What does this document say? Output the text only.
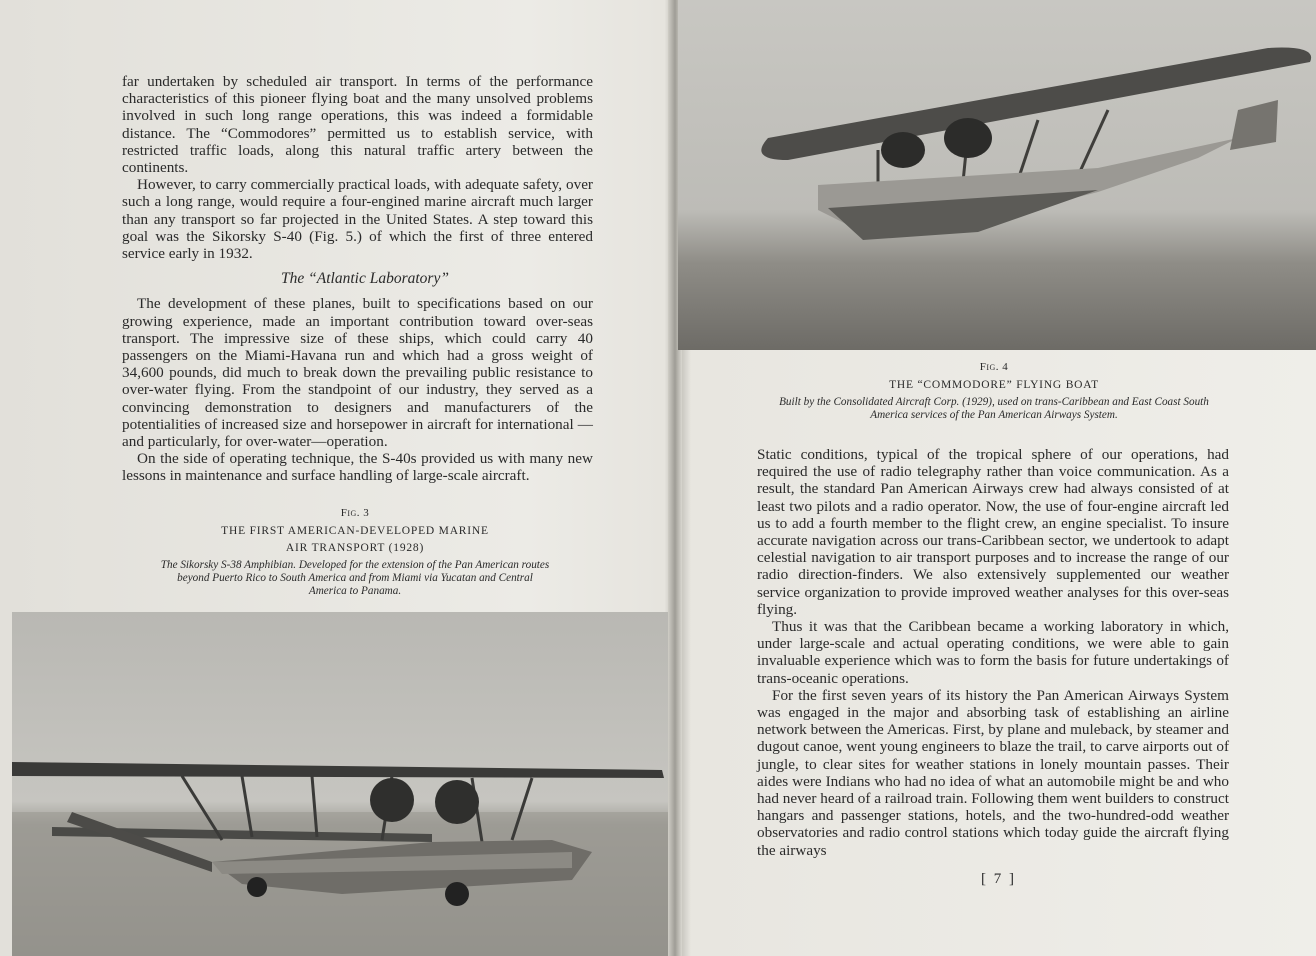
far undertaken by scheduled air transport. In terms of the performance characteristics of this pioneer flying boat and the many unsolved problems involved in such long range operations, this was indeed a formidable distance. The “Commodores” permitted us to establish service, with restricted traffic loads, along this natural traffic artery between the continents.

However, to carry commercially practical loads, with adequate safety, over such a long range, would require a four-engined marine aircraft much larger than any transport so far projected in the United States. A step toward this goal was the Sikorsky S-40 (Fig. 5.) of which the first of three entered service early in 1932.

The “Atlantic Laboratory”

The development of these planes, built to specifications based on our growing experience, made an important contribution toward over-seas transport. The impressive size of these ships, which could carry 40 passengers on the Miami-Havana run and which had a gross weight of 34,600 pounds, did much to break down the prevailing public resistance to over-water flying. From the standpoint of our industry, they served as a convincing demonstration to designers and manufacturers of the potentialities of increased size and horsepower in aircraft for international —and particularly, for over-water—operation.

On the side of operating technique, the S-40s provided us with many new lessons in maintenance and surface handling of large-scale aircraft.

Fig. 3
THE FIRST AMERICAN-DEVELOPED MARINE
AIR TRANSPORT (1928)
The Sikorsky S-38 Amphibian. Developed for the extension of the Pan American routes beyond Puerto Rico to South America and from Miami via Yucatan and Central America to Panama.
Fig. 4
THE “COMMODORE” FLYING BOAT
Built by the Consolidated Aircraft Corp. (1929), used on trans-Caribbean and East Coast South America services of the Pan American Airways System.

Static conditions, typical of the tropical sphere of our operations, had required the use of radio telegraphy rather than voice communication. As a result, the standard Pan American Airways crew had always consisted of at least two pilots and a radio operator. Now, the use of four-engine aircraft led us to add a fourth member to the flight crew, an engine specialist. To insure accurate navigation across our trans-Caribbean sector, we undertook to adapt celestial navigation to air transport purposes and to increase the range of our radio direction-finders. We also extensively supplemented our weather service organization to provide improved weather analyses for this over-seas flying.

Thus it was that the Caribbean became a working laboratory in which, under large-scale and actual operating conditions, we were able to gain invaluable experience which was to form the basis for future undertakings of trans-oceanic operations.

For the first seven years of its history the Pan American Airways System was engaged in the major and absorbing task of establishing an airline network between the Americas. First, by plane and muleback, by steamer and dugout canoe, went young engineers to blaze the trail, to carve airports out of jungle, to clear sites for weather stations in lonely mountain passes. Their aides were Indians who had no idea of what an automobile might be and who had never heard of a railroad train. Following them went builders to construct hangars and passenger stations, hotels, and the two-hundred-odd weather observatories and radio control stations which today guide the aircraft flying the airways

[ 7 ]
